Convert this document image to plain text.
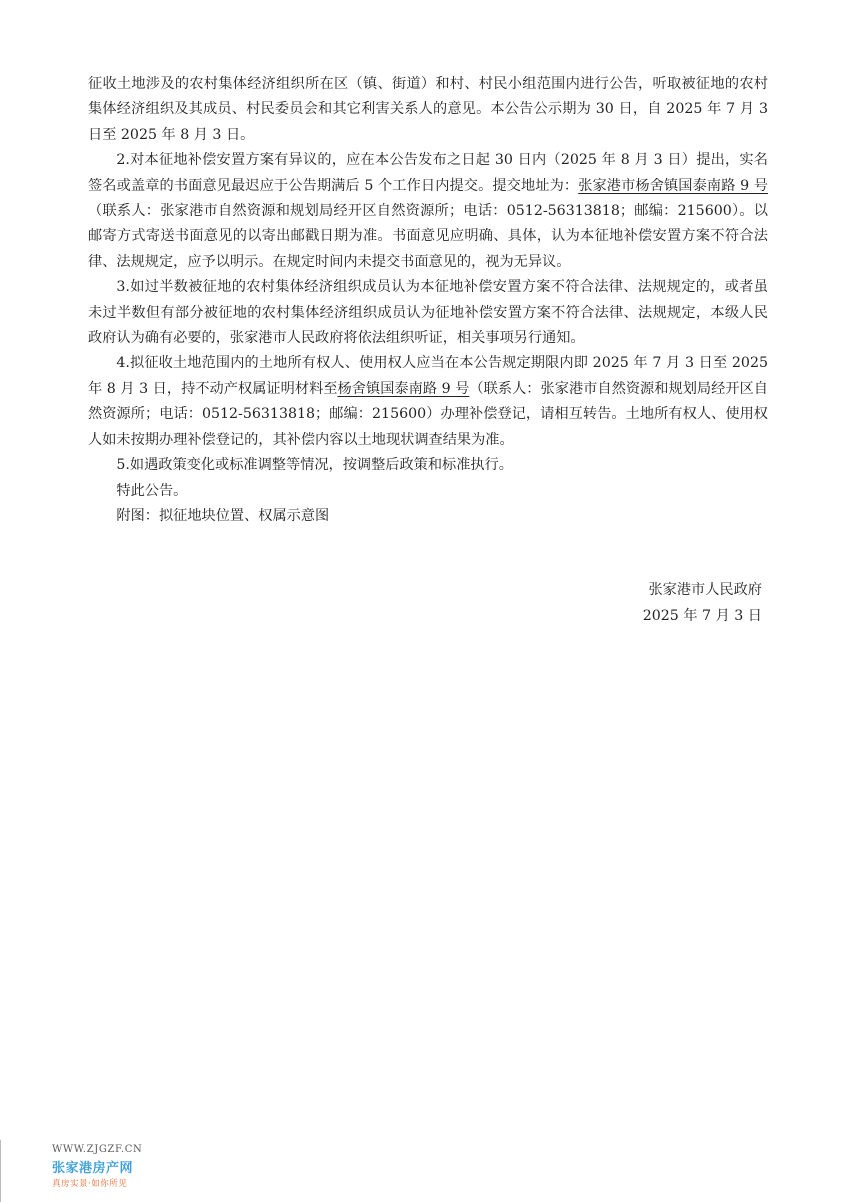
征收土地涉及的农村集体经济组织所在区（镇、街道）和村、村民小组范围内进行公告，听取被征地的农村集体经济组织及其成员、村民委员会和其它利害关系人的意见。本公告公示期为 30 日，自 2025 年 7 月 3 日至 2025 年 8 月 3 日。

2.对本征地补偿安置方案有异议的，应在本公告发布之日起 30 日内（2025 年 8 月 3 日）提出，实名签名或盖章的书面意见最迟应于公告期满后 5 个工作日内提交。提交地址为：张家港市杨舍镇国泰南路 9 号（联系人：张家港市自然资源和规划局经开区自然资源所；电话：0512-56313818；邮编：215600）。以邮寄方式寄送书面意见的以寄出邮戳日期为准。书面意见应明确、具体，认为本征地补偿安置方案不符合法律、法规规定，应予以明示。在规定时间内未提交书面意见的，视为无异议。

3.如过半数被征地的农村集体经济组织成员认为本征地补偿安置方案不符合法律、法规规定的，或者虽未过半数但有部分被征地的农村集体经济组织成员认为征地补偿安置方案不符合法律、法规规定，本级人民政府认为确有必要的，张家港市人民政府将依法组织听证，相关事项另行通知。

4.拟征收土地范围内的土地所有权人、使用权人应当在本公告规定期限内即 2025 年 7 月 3 日至 2025 年 8 月 3 日，持不动产权属证明材料至杨舍镇国泰南路 9 号（联系人：张家港市自然资源和规划局经开区自然资源所；电话：0512-56313818；邮编：215600）办理补偿登记，请相互转告。土地所有权人、使用权人如未按期办理补偿登记的，其补偿内容以土地现状调查结果为准。

5.如遇政策变化或标准调整等情况，按调整后政策和标准执行。

特此公告。

附图：拟征地块位置、权属示意图

张家港市人民政府
2025 年 7 月 3 日
WWW.ZJGZF.CN
张家港房产网
真房实景·如你所见
